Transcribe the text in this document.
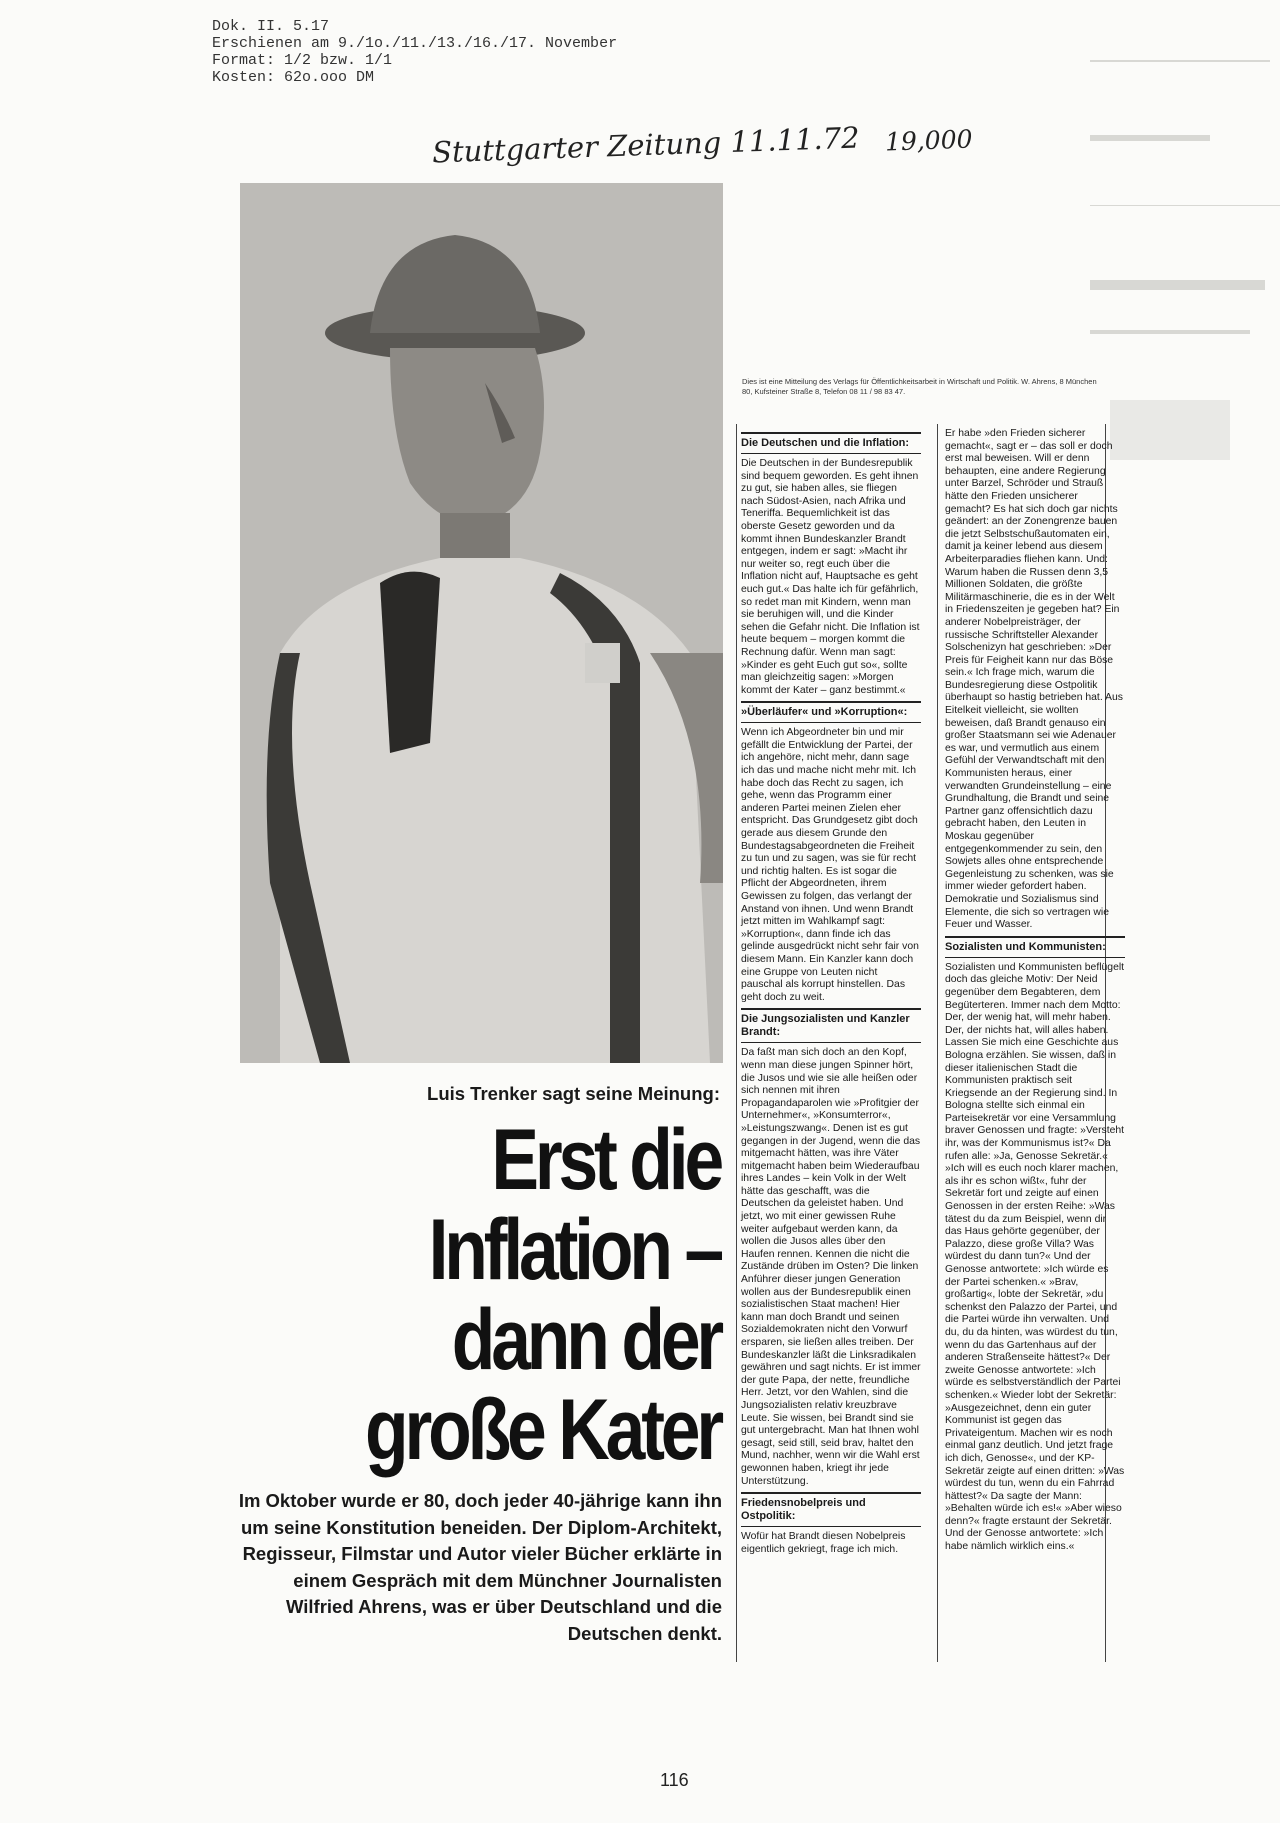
Dok. II. 5.17
Erschienen am 9./1o./11./13./16./17. November
Format: 1/2 bzw. 1/1
Kosten: 62o.ooo DM
Stuttgarter Zeitung 11.11.72 19,000
Luis Trenker sagt seine Meinung:
Erst die
Inflation –
dann der
große Kater
Im Oktober wurde er 80, doch jeder 40-jährige kann ihn um seine Konstitution beneiden. Der Diplom-Architekt, Regisseur, Filmstar und Autor vieler Bücher erklärte in einem Gespräch mit dem Münchner Journalisten Wilfried Ahrens, was er über Deutschland und die Deutschen denkt.
Dies ist eine Mitteilung des Verlags für Öffentlichkeitsarbeit in Wirtschaft und Politik. W. Ahrens, 8 München 80, Kufsteiner Straße 8, Telefon 08 11 / 98 83 47.
Die Deutschen und die Inflation:

Die Deutschen in der Bundesrepublik sind bequem geworden. Es geht ihnen zu gut, sie haben alles, sie fliegen nach Südost-Asien, nach Afrika und Teneriffa. Bequemlichkeit ist das oberste Gesetz geworden und da kommt ihnen Bundeskanzler Brandt entgegen, indem er sagt: »Macht ihr nur weiter so, regt euch über die Inflation nicht auf, Hauptsache es geht euch gut.« Das halte ich für gefährlich, so redet man mit Kindern, wenn man sie beruhigen will, und die Kinder sehen die Gefahr nicht. Die Inflation ist heute bequem – morgen kommt die Rechnung dafür. Wenn man sagt: »Kinder es geht Euch gut so«, sollte man gleichzeitig sagen: »Morgen kommt der Kater – ganz bestimmt.«

»Überläufer« und »Korruption«:

Wenn ich Abgeordneter bin und mir gefällt die Entwicklung der Partei, der ich angehöre, nicht mehr, dann sage ich das und mache nicht mehr mit. Ich habe doch das Recht zu sagen, ich gehe, wenn das Programm einer anderen Partei meinen Zielen eher entspricht. Das Grundgesetz gibt doch gerade aus diesem Grunde den Bundestagsabgeordneten die Freiheit zu tun und zu sagen, was sie für recht und richtig halten. Es ist sogar die Pflicht der Abgeordneten, ihrem Gewissen zu folgen, das verlangt der Anstand von ihnen. Und wenn Brandt jetzt mitten im Wahlkampf sagt: »Korruption«, dann finde ich das gelinde ausgedrückt nicht sehr fair von diesem Mann. Ein Kanzler kann doch eine Gruppe von Leuten nicht pauschal als korrupt hinstellen. Das geht doch zu weit.

Die Jungsozialisten und Kanzler Brandt:

Da faßt man sich doch an den Kopf, wenn man diese jungen Spinner hört, die Jusos und wie sie alle heißen oder sich nennen mit ihren Propagandaparolen wie »Profitgier der Unternehmer«, »Konsumterror«, »Leistungszwang«. Denen ist es gut gegangen in der Jugend, wenn die das mitgemacht hätten, was ihre Väter mitgemacht haben beim Wiederaufbau ihres Landes – kein Volk in der Welt hätte das geschafft, was die Deutschen da geleistet haben. Und jetzt, wo mit einer gewissen Ruhe weiter aufgebaut werden kann, da wollen die Jusos alles über den Haufen rennen. Kennen die nicht die Zustände drüben im Osten? Die linken Anführer dieser jungen Generation wollen aus der Bundesrepublik einen sozialistischen Staat machen! Hier kann man doch Brandt und seinen Sozialdemokraten nicht den Vorwurf ersparen, sie ließen alles treiben. Der Bundeskanzler läßt die Linksradikalen gewähren und sagt nichts. Er ist immer der gute Papa, der nette, freundliche Herr. Jetzt, vor den Wahlen, sind die Jungsozialisten relativ kreuzbrave Leute. Sie wissen, bei Brandt sind sie gut untergebracht. Man hat Ihnen wohl gesagt, seid still, seid brav, haltet den Mund, nachher, wenn wir die Wahl erst gewonnen haben, kriegt ihr jede Unterstützung.

Friedensnobelpreis und Ostpolitik:

Wofür hat Brandt diesen Nobelpreis eigentlich gekriegt, frage ich mich.

Er habe »den Frieden sicherer gemacht«, sagt er – das soll er doch erst mal beweisen. Will er denn behaupten, eine andere Regierung unter Barzel, Schröder und Strauß hätte den Frieden unsicherer gemacht? Es hat sich doch gar nichts geändert: an der Zonengrenze bauen die jetzt Selbstschußautomaten ein, damit ja keiner lebend aus diesem Arbeiterparadies fliehen kann. Und: Warum haben die Russen denn 3,5 Millionen Soldaten, die größte Militärmaschinerie, die es in der Welt in Friedenszeiten je gegeben hat? Ein anderer Nobelpreisträger, der russische Schriftsteller Alexander Solschenizyn hat geschrieben: »Der Preis für Feigheit kann nur das Böse sein.« Ich frage mich, warum die Bundesregierung diese Ostpolitik überhaupt so hastig betrieben hat. Aus Eitelkeit vielleicht, sie wollten beweisen, daß Brandt genauso ein großer Staatsmann sei wie Adenauer es war, und vermutlich aus einem Gefühl der Verwandtschaft mit den Kommunisten heraus, einer verwandten Grundeinstellung – eine Grundhaltung, die Brandt und seine Partner ganz offensichtlich dazu gebracht haben, den Leuten in Moskau gegenüber entgegenkommender zu sein, den Sowjets alles ohne entsprechende Gegenleistung zu schenken, was sie immer wieder gefordert haben. Demokratie und Sozialismus sind Elemente, die sich so vertragen wie Feuer und Wasser.

Sozialisten und Kommunisten:

Sozialisten und Kommunisten beflügelt doch das gleiche Motiv: Der Neid gegenüber dem Begabteren, dem Begüterteren. Immer nach dem Motto: Der, der wenig hat, will mehr haben. Der, der nichts hat, will alles haben. Lassen Sie mich eine Geschichte aus Bologna erzählen. Sie wissen, daß in dieser italienischen Stadt die Kommunisten praktisch seit Kriegsende an der Regierung sind. In Bologna stellte sich einmal ein Parteisekretär vor eine Versammlung braver Genossen und fragte: »Versteht ihr, was der Kommunismus ist?« Da rufen alle: »Ja, Genosse Sekretär.« »Ich will es euch noch klarer machen, als ihr es schon wißt«, fuhr der Sekretär fort und zeigte auf einen Genossen in der ersten Reihe: »Was tätest du da zum Beispiel, wenn dir das Haus gehörte gegenüber, der Palazzo, diese große Villa? Was würdest du dann tun?« Und der Genosse antwortete: »Ich würde es der Partei schenken.« »Brav, großartig«, lobte der Sekretär, »du schenkst den Palazzo der Partei, und die Partei würde ihn verwalten. Und du, du da hinten, was würdest du tun, wenn du das Gartenhaus auf der anderen Straßenseite hättest?« Der zweite Genosse antwortete: »Ich würde es selbstverständlich der Partei schenken.« Wieder lobt der Sekretär: »Ausgezeichnet, denn ein guter Kommunist ist gegen das Privateigentum. Machen wir es noch einmal ganz deutlich. Und jetzt frage ich dich, Genosse«, und der KP-Sekretär zeigte auf einen dritten: »Was würdest du tun, wenn du ein Fahrrad hättest?« Da sagte der Mann: »Behalten würde ich es!« »Aber wieso denn?« fragte erstaunt der Sekretär. Und der Genosse antwortete: »Ich habe nämlich wirklich eins.«

116
